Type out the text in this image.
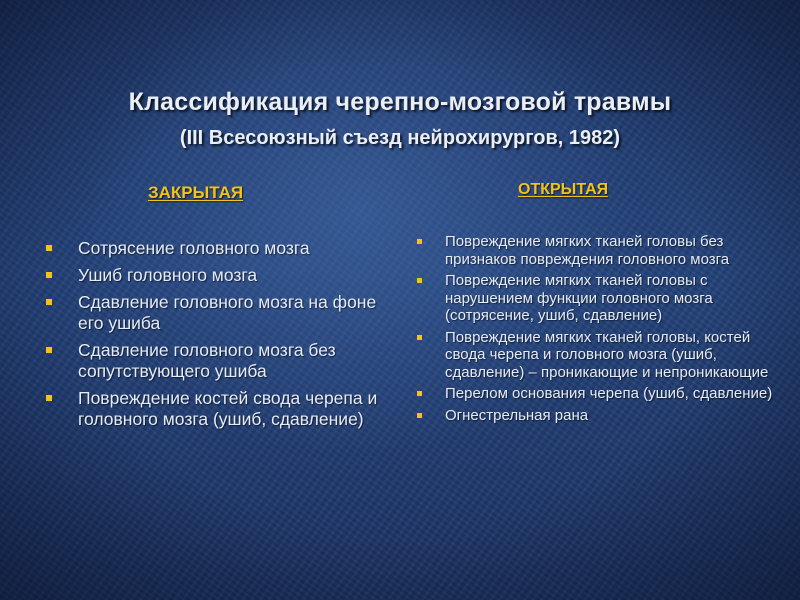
Классификация черепно-мозговой травмы
(III Всесоюзный съезд нейрохирургов, 1982)
ЗАКРЫТАЯ	ОТКРЫТАЯ
Сотрясение головного мозга
Ушиб головного мозга
Сдавление головного мозга на фоне его ушиба
Сдавление головного мозга без сопутствующего ушиба
Повреждение костей свода черепа и головного мозга (ушиб, сдавление)
Повреждение мягких тканей головы без признаков повреждения головного мозга
Повреждение мягких тканей головы с нарушением функции головного мозга (сотрясение, ушиб, сдавление)
Повреждение мягких тканей головы, костей свода черепа и головного мозга (ушиб, сдавление) – проникающие и непроникающие
Перелом основания черепа (ушиб, сдавление)
Огнестрельная рана
